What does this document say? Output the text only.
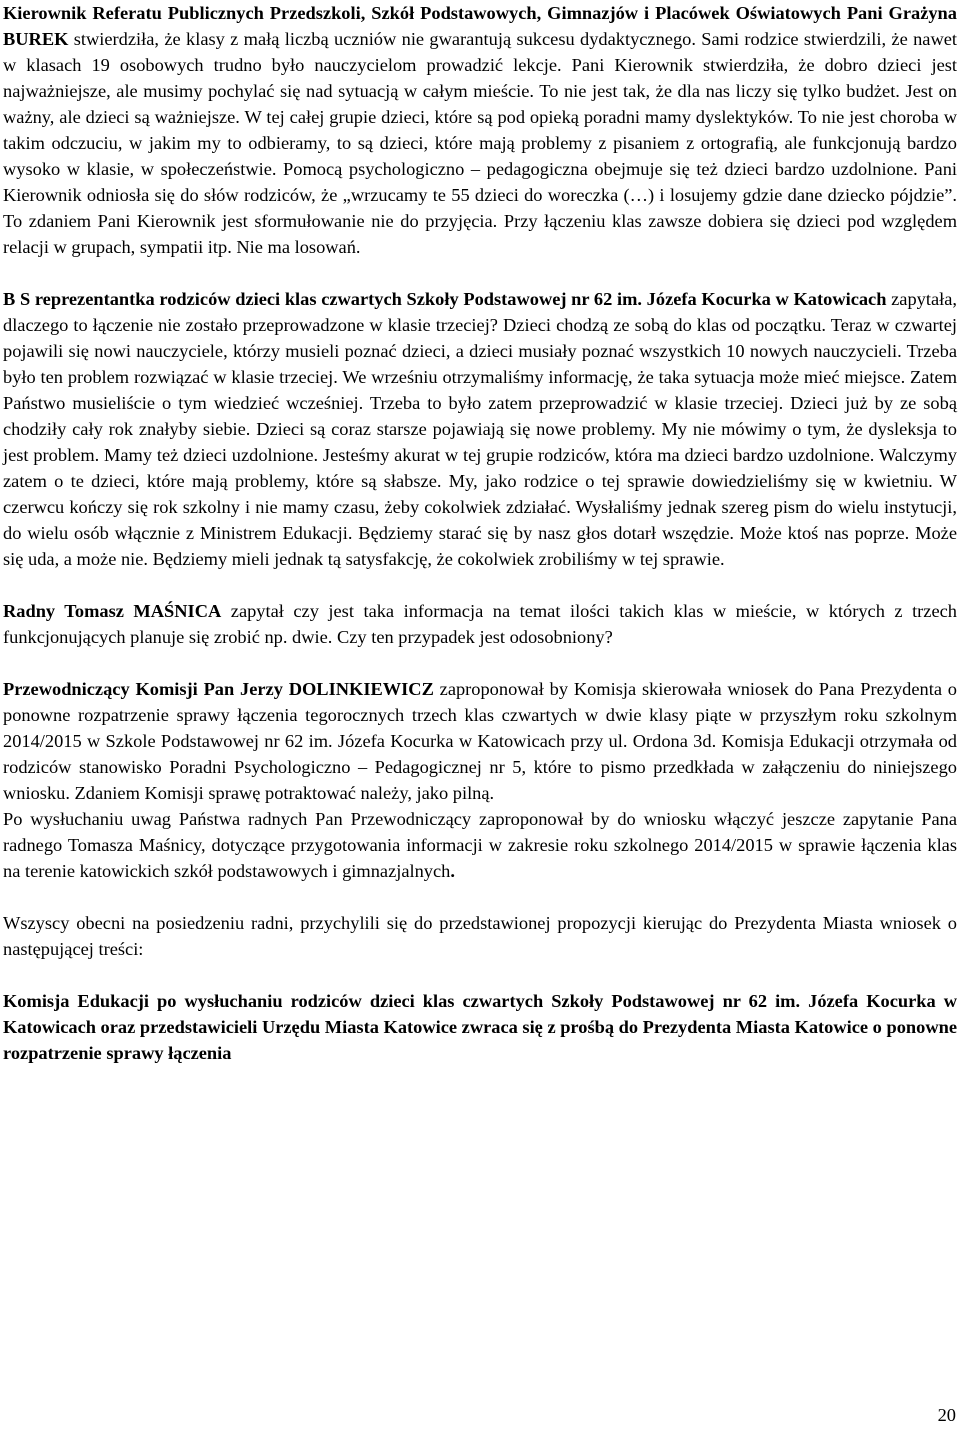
Kierownik Referatu Publicznych Przedszkoli, Szkół Podstawowych, Gimnazjów i Placówek Oświatowych Pani Grażyna BUREK stwierdziła, że klasy z małą liczbą uczniów nie gwarantują sukcesu dydaktycznego. Sami rodzice stwierdzili, że nawet w klasach 19 osobowych trudno było nauczycielom prowadzić lekcje. Pani Kierownik stwierdziła, że dobro dzieci jest najważniejsze, ale musimy pochylać się nad sytuacją w całym mieście. To nie jest tak, że dla nas liczy się tylko budżet. Jest on ważny, ale dzieci są ważniejsze. W tej całej grupie dzieci, które są pod opieką poradni mamy dyslektyków. To nie jest choroba w takim odczuciu, w jakim my to odbieramy, to są dzieci, które mają problemy z pisaniem z ortografią, ale funkcjonują bardzo wysoko w klasie, w społeczeństwie. Pomocą psychologiczno – pedagogiczna obejmuje się też dzieci bardzo uzdolnione. Pani Kierownik odniosła się do słów rodziców, że „wrzucamy te 55 dzieci do woreczka (…) i losujemy gdzie dane dziecko pójdzie”. To zdaniem Pani Kierownik jest sformułowanie nie do przyjęcia. Przy łączeniu klas zawsze dobiera się dzieci pod względem relacji w grupach, sympatii itp. Nie ma losowań.

B S reprezentantka rodziców dzieci klas czwartych Szkoły Podstawowej nr 62 im. Józefa Kocurka w Katowicach zapytała, dlaczego to łączenie nie zostało przeprowadzone w klasie trzeciej? Dzieci chodzą ze sobą do klas od początku. Teraz w czwartej pojawili się nowi nauczyciele, którzy musieli poznać dzieci, a dzieci musiały poznać wszystkich 10 nowych nauczycieli. Trzeba było ten problem rozwiązać w klasie trzeciej. We wrześniu otrzymaliśmy informację, że taka sytuacja może mieć miejsce. Zatem Państwo musieliście o tym wiedzieć wcześniej. Trzeba to było zatem przeprowadzić w klasie trzeciej. Dzieci już by ze sobą chodziły cały rok znałyby siebie. Dzieci są coraz starsze pojawiają się nowe problemy. My nie mówimy o tym, że dysleksja to jest problem. Mamy też dzieci uzdolnione. Jesteśmy akurat w tej grupie rodziców, która ma dzieci bardzo uzdolnione. Walczymy zatem o te dzieci, które mają problemy, które są słabsze. My, jako rodzice o tej sprawie dowiedzieliśmy się w kwietniu. W czerwcu kończy się rok szkolny i nie mamy czasu, żeby cokolwiek zdziałać. Wysłaliśmy jednak szereg pism do wielu instytucji, do wielu osób włącznie z Ministrem Edukacji. Będziemy starać się by nasz głos dotarł wszędzie. Może ktoś nas poprze. Może się uda, a może nie. Będziemy mieli jednak tą satysfakcję, że cokolwiek zrobiliśmy w tej sprawie.

Radny Tomasz MAŚNICA zapytał czy jest taka informacja na temat ilości takich klas w mieście, w których z trzech funkcjonujących planuje się zrobić np. dwie. Czy ten przypadek jest odosobniony?

Przewodniczący Komisji Pan Jerzy DOLINKIEWICZ zaproponował by Komisja skierowała wniosek do Pana Prezydenta o ponowne rozpatrzenie sprawy łączenia tegorocznych trzech klas czwartych w dwie klasy piąte w przyszłym roku szkolnym 2014/2015 w Szkole Podstawowej nr 62 im. Józefa Kocurka w Katowicach przy ul. Ordona 3d. Komisja Edukacji otrzymała od rodziców stanowisko Poradni Psychologiczno – Pedagogicznej nr 5, które to pismo przedkłada w załączeniu do niniejszego wniosku. Zdaniem Komisji sprawę potraktować należy, jako pilną.

Po wysłuchaniu uwag Państwa radnych Pan Przewodniczący zaproponował by do wniosku włączyć jeszcze zapytanie Pana radnego Tomasza Maśnicy, dotyczące przygotowania informacji w zakresie roku szkolnego 2014/2015 w sprawie łączenia klas na terenie katowickich szkół podstawowych i gimnazjalnych.

Wszyscy obecni na posiedzeniu radni, przychylili się do przedstawionej propozycji kierując do Prezydenta Miasta wniosek o następującej treści:

Komisja Edukacji po wysłuchaniu rodziców dzieci klas czwartych Szkoły Podstawowej nr 62 im. Józefa Kocurka w Katowicach oraz przedstawicieli Urzędu Miasta Katowice zwraca się z prośbą do Prezydenta Miasta Katowice o ponowne rozpatrzenie sprawy łączenia

20
